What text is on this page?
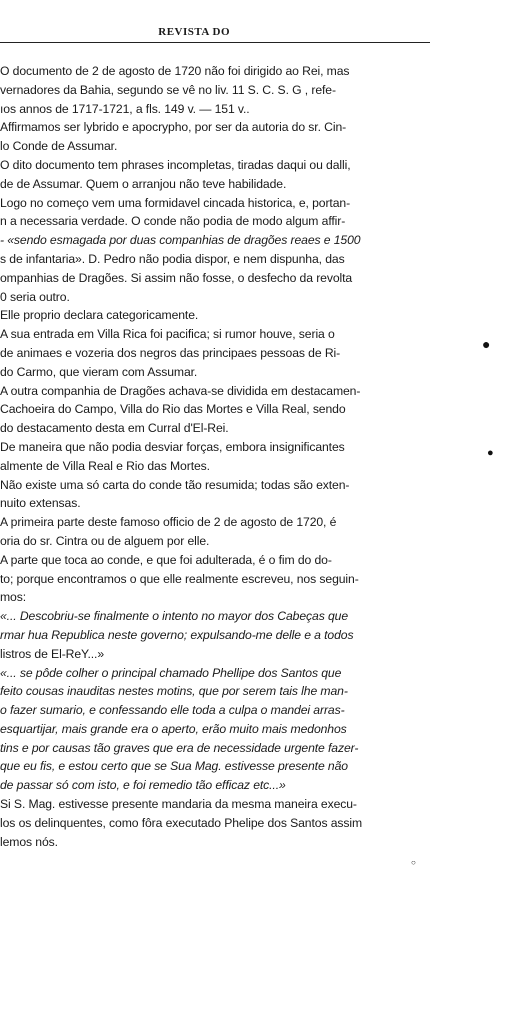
REVISTA DO
O documento de 2 de agosto de 1720 não foi dirigido ao Rei, mas
vernadores da Bahia, segundo se vê no liv. 11 S. C. S. G , refe-
ıos annos de 1717-1721, a fls. 149 v. — 151 v..
Affirmamos ser lybrido e apocrypho, por ser da autoria do sr. Cin-
lo Conde de Assumar.
O dito documento tem phrases incompletas, tiradas daqui ou dalli,
de de Assumar. Quem o arranjou não teve habilidade.
Logo no começo vem uma formidavel cincada historica, e, portan-
n a necessaria verdade. O conde não podia de modo algum affir-
- «sendo esmagada por duas companhias de dragões reaes e 1500
s de infantaria». D. Pedro não podia dispor, e nem dispunha, das
ompanhias de Dragões. Si assim não fosse, o desfecho da revolta
0 seria outro.
Elle proprio declara categoricamente.
A sua entrada em Villa Rica foi pacifica; si rumor houve, seria o
de animaes e vozeria dos negros das principaes pessoas de Ri-
do Carmo, que vieram com Assumar.
A outra companhia de Dragões achava-se dividida em destacamen-
Cachoeira do Campo, Villa do Rio das Mortes e Villa Real, sendo
do destacamento desta em Curral d'El-Rei.
De maneira que não podia desviar forças, embora insignificantes
almente de Villa Real e Rio das Mortes.
Não existe uma só carta do conde tão resumida; todas são exten-
nuito extensas.
A primeira parte deste famoso officio de 2 de agosto de 1720, é
oria do sr. Cintra ou de alguem por elle.
A parte que toca ao conde, e que foi adulterada, é o fim do do-
to; porque encontramos o que elle realmente escreveu, nos seguin-
mos:
«... Descobriu-se finalmente o intento no mayor dos Cabeças que
rmar hua Republica neste governo; expulsando-me delle e a todos
listros de El-ReY...»
«... se pôde colher o principal chamado Phellipe dos Santos que
feito cousas inauditas nestes motins, que por serem tais lhe man-
o fazer sumario, e confessando elle toda a culpa o mandei arras-
esquartijar, mais grande era o aperto, erão muito mais medonhos
tins e por causas tão graves que era de necessidade urgente fazer-
que eu fis, e estou certo que se Sua Mag. estivesse presente não
de passar só com isto, e foi remedio tão efficaz etc...»
Si S. Mag. estivesse presente mandaria da mesma maneira execu-
los os delinquentes, como fôra executado Phelipe dos Santos assim
lemos nós.
●
●
○
